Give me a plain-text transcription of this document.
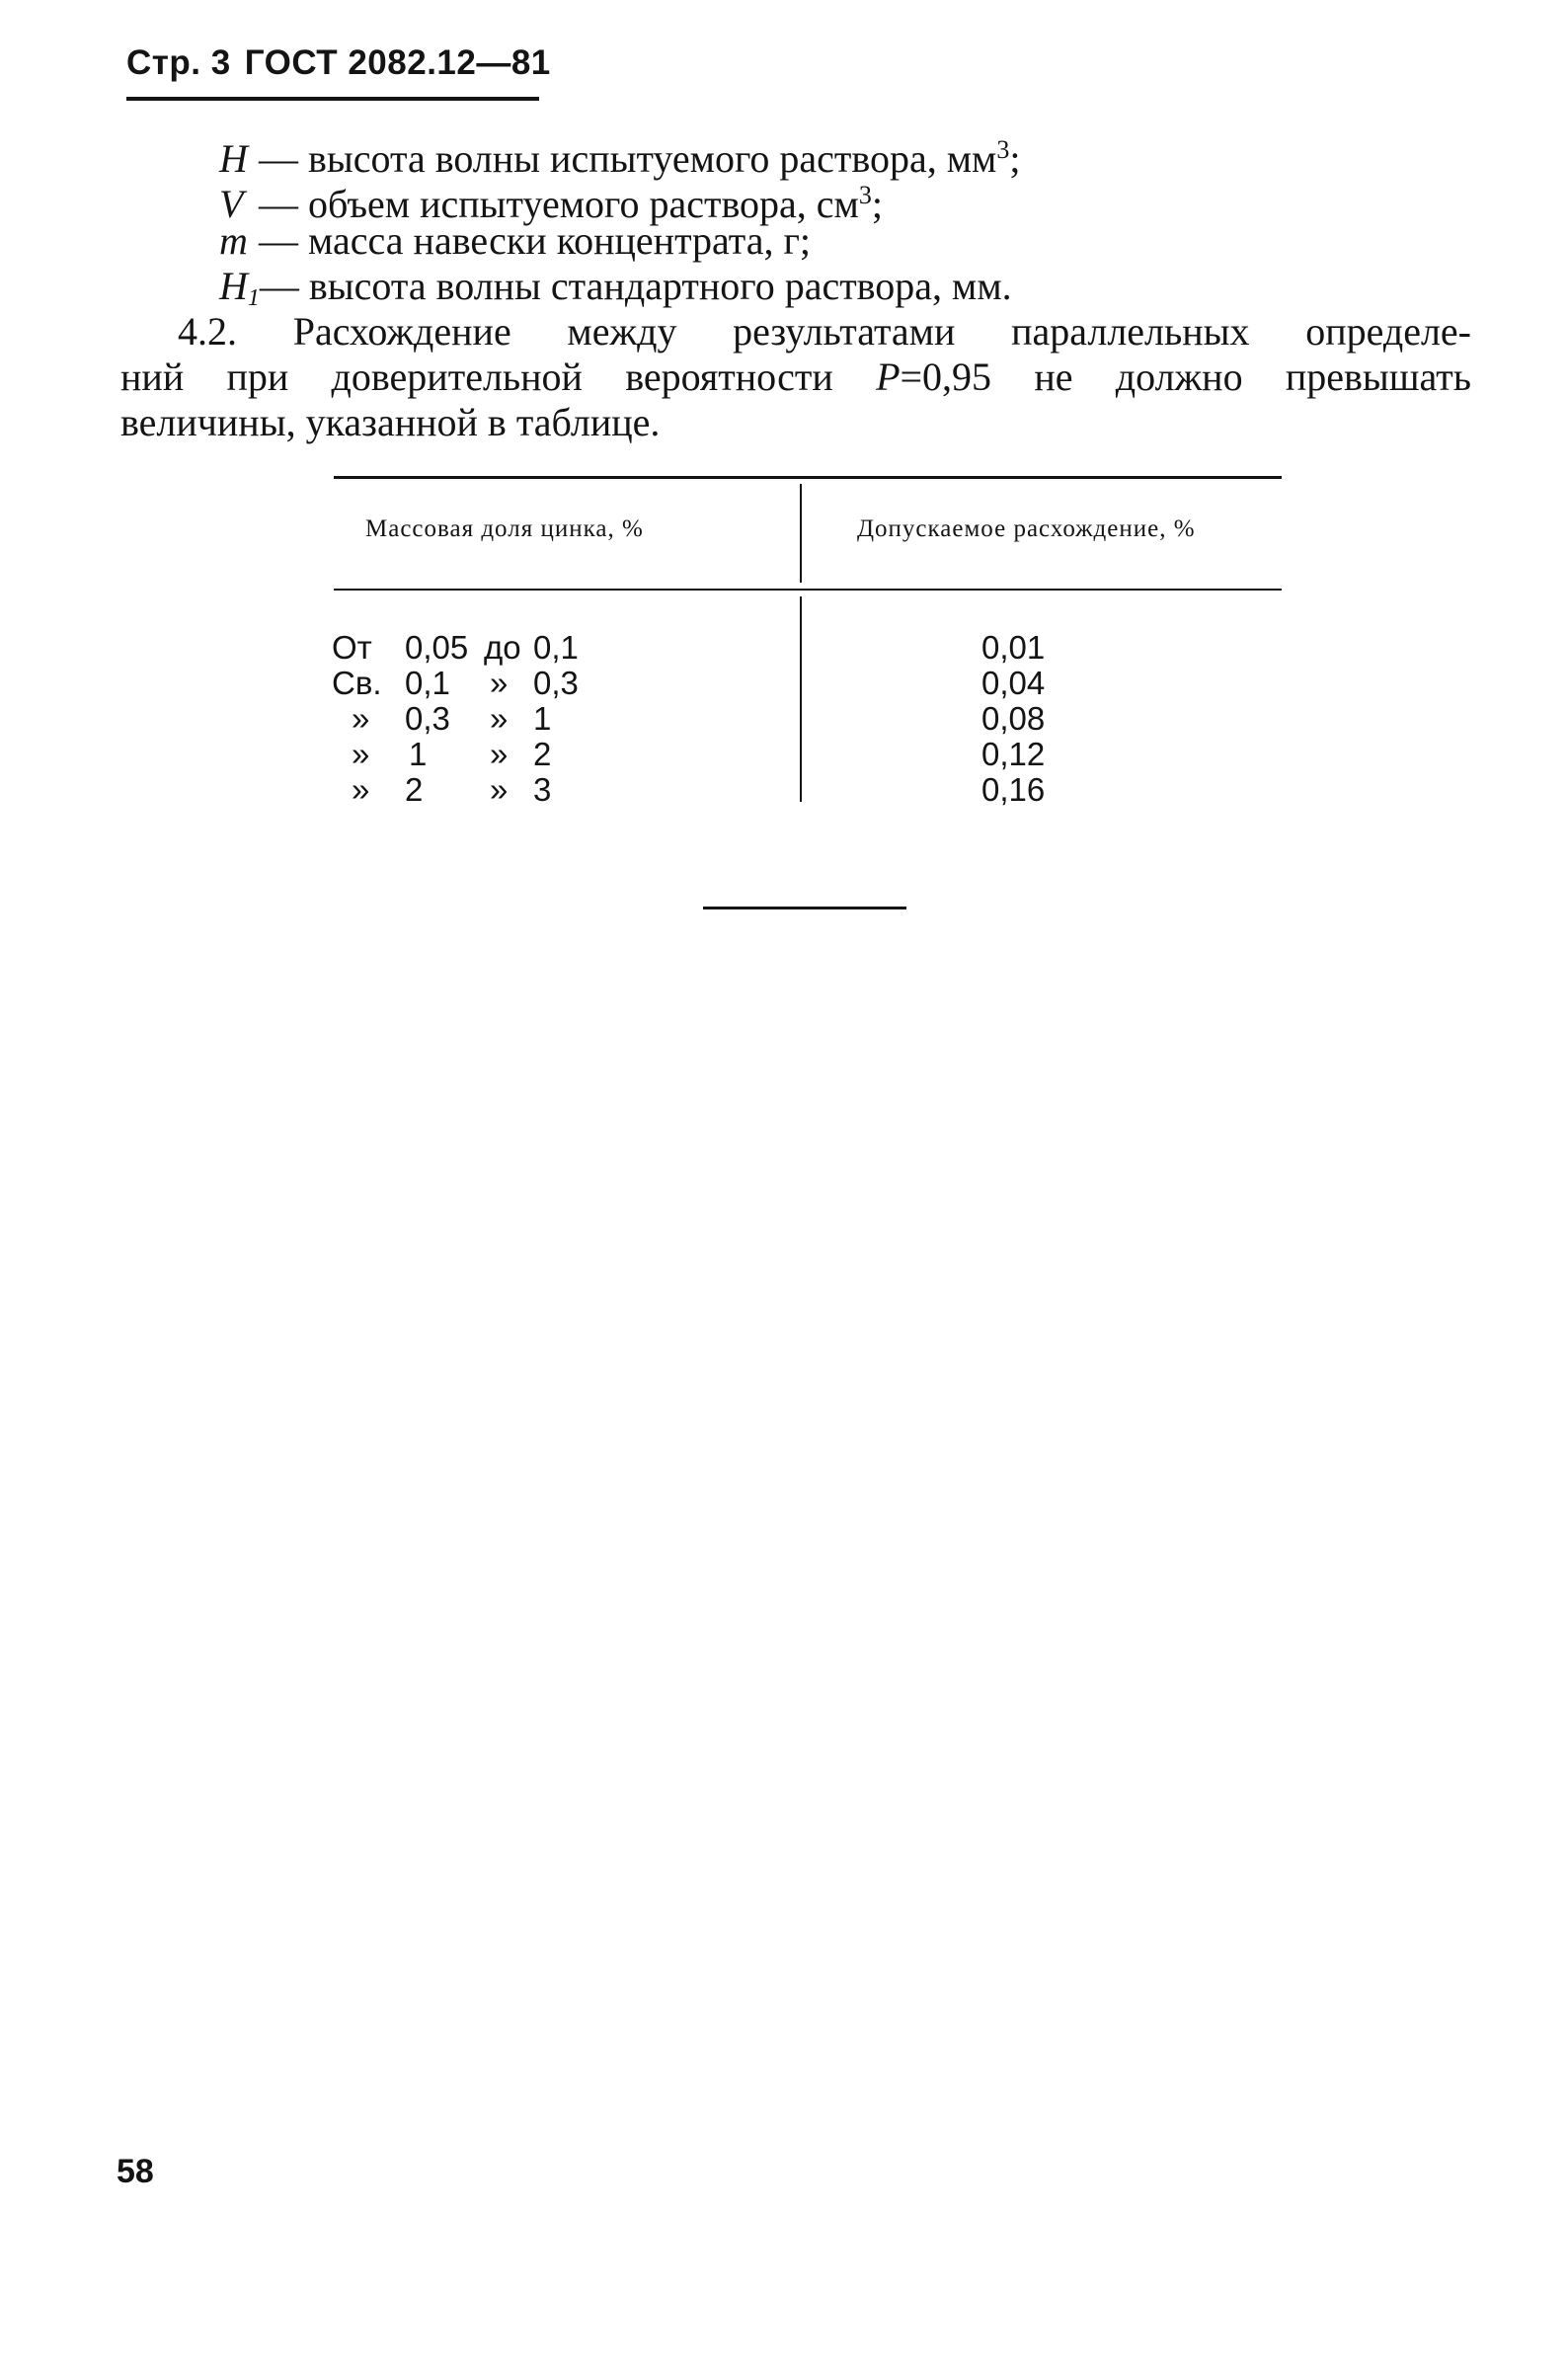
Стр. 3 ГОСТ 2082.12—81
H — высота волны испытуемого раствора, $мм^3$;
V — объем испытуемого раствора, $см^3$;
m — масса навески концентрата, г;
$H_1—$ высота волны стандартного раствора, мм.
4.2. Расхождение между результатами параллельных определе-
ний при доверительной вероятности P=0,95 не должно превышать
величины, указанной в таблице.
Массовая доля цинка, %	Допускаемое расхождение, %
От 0,05 до 0,1	0,01
Св. 0,1 » 0,3	0,04
» 0,3 » 1	0,08
» 1 » 2	0,12
» 2 » 3	0,16
58
